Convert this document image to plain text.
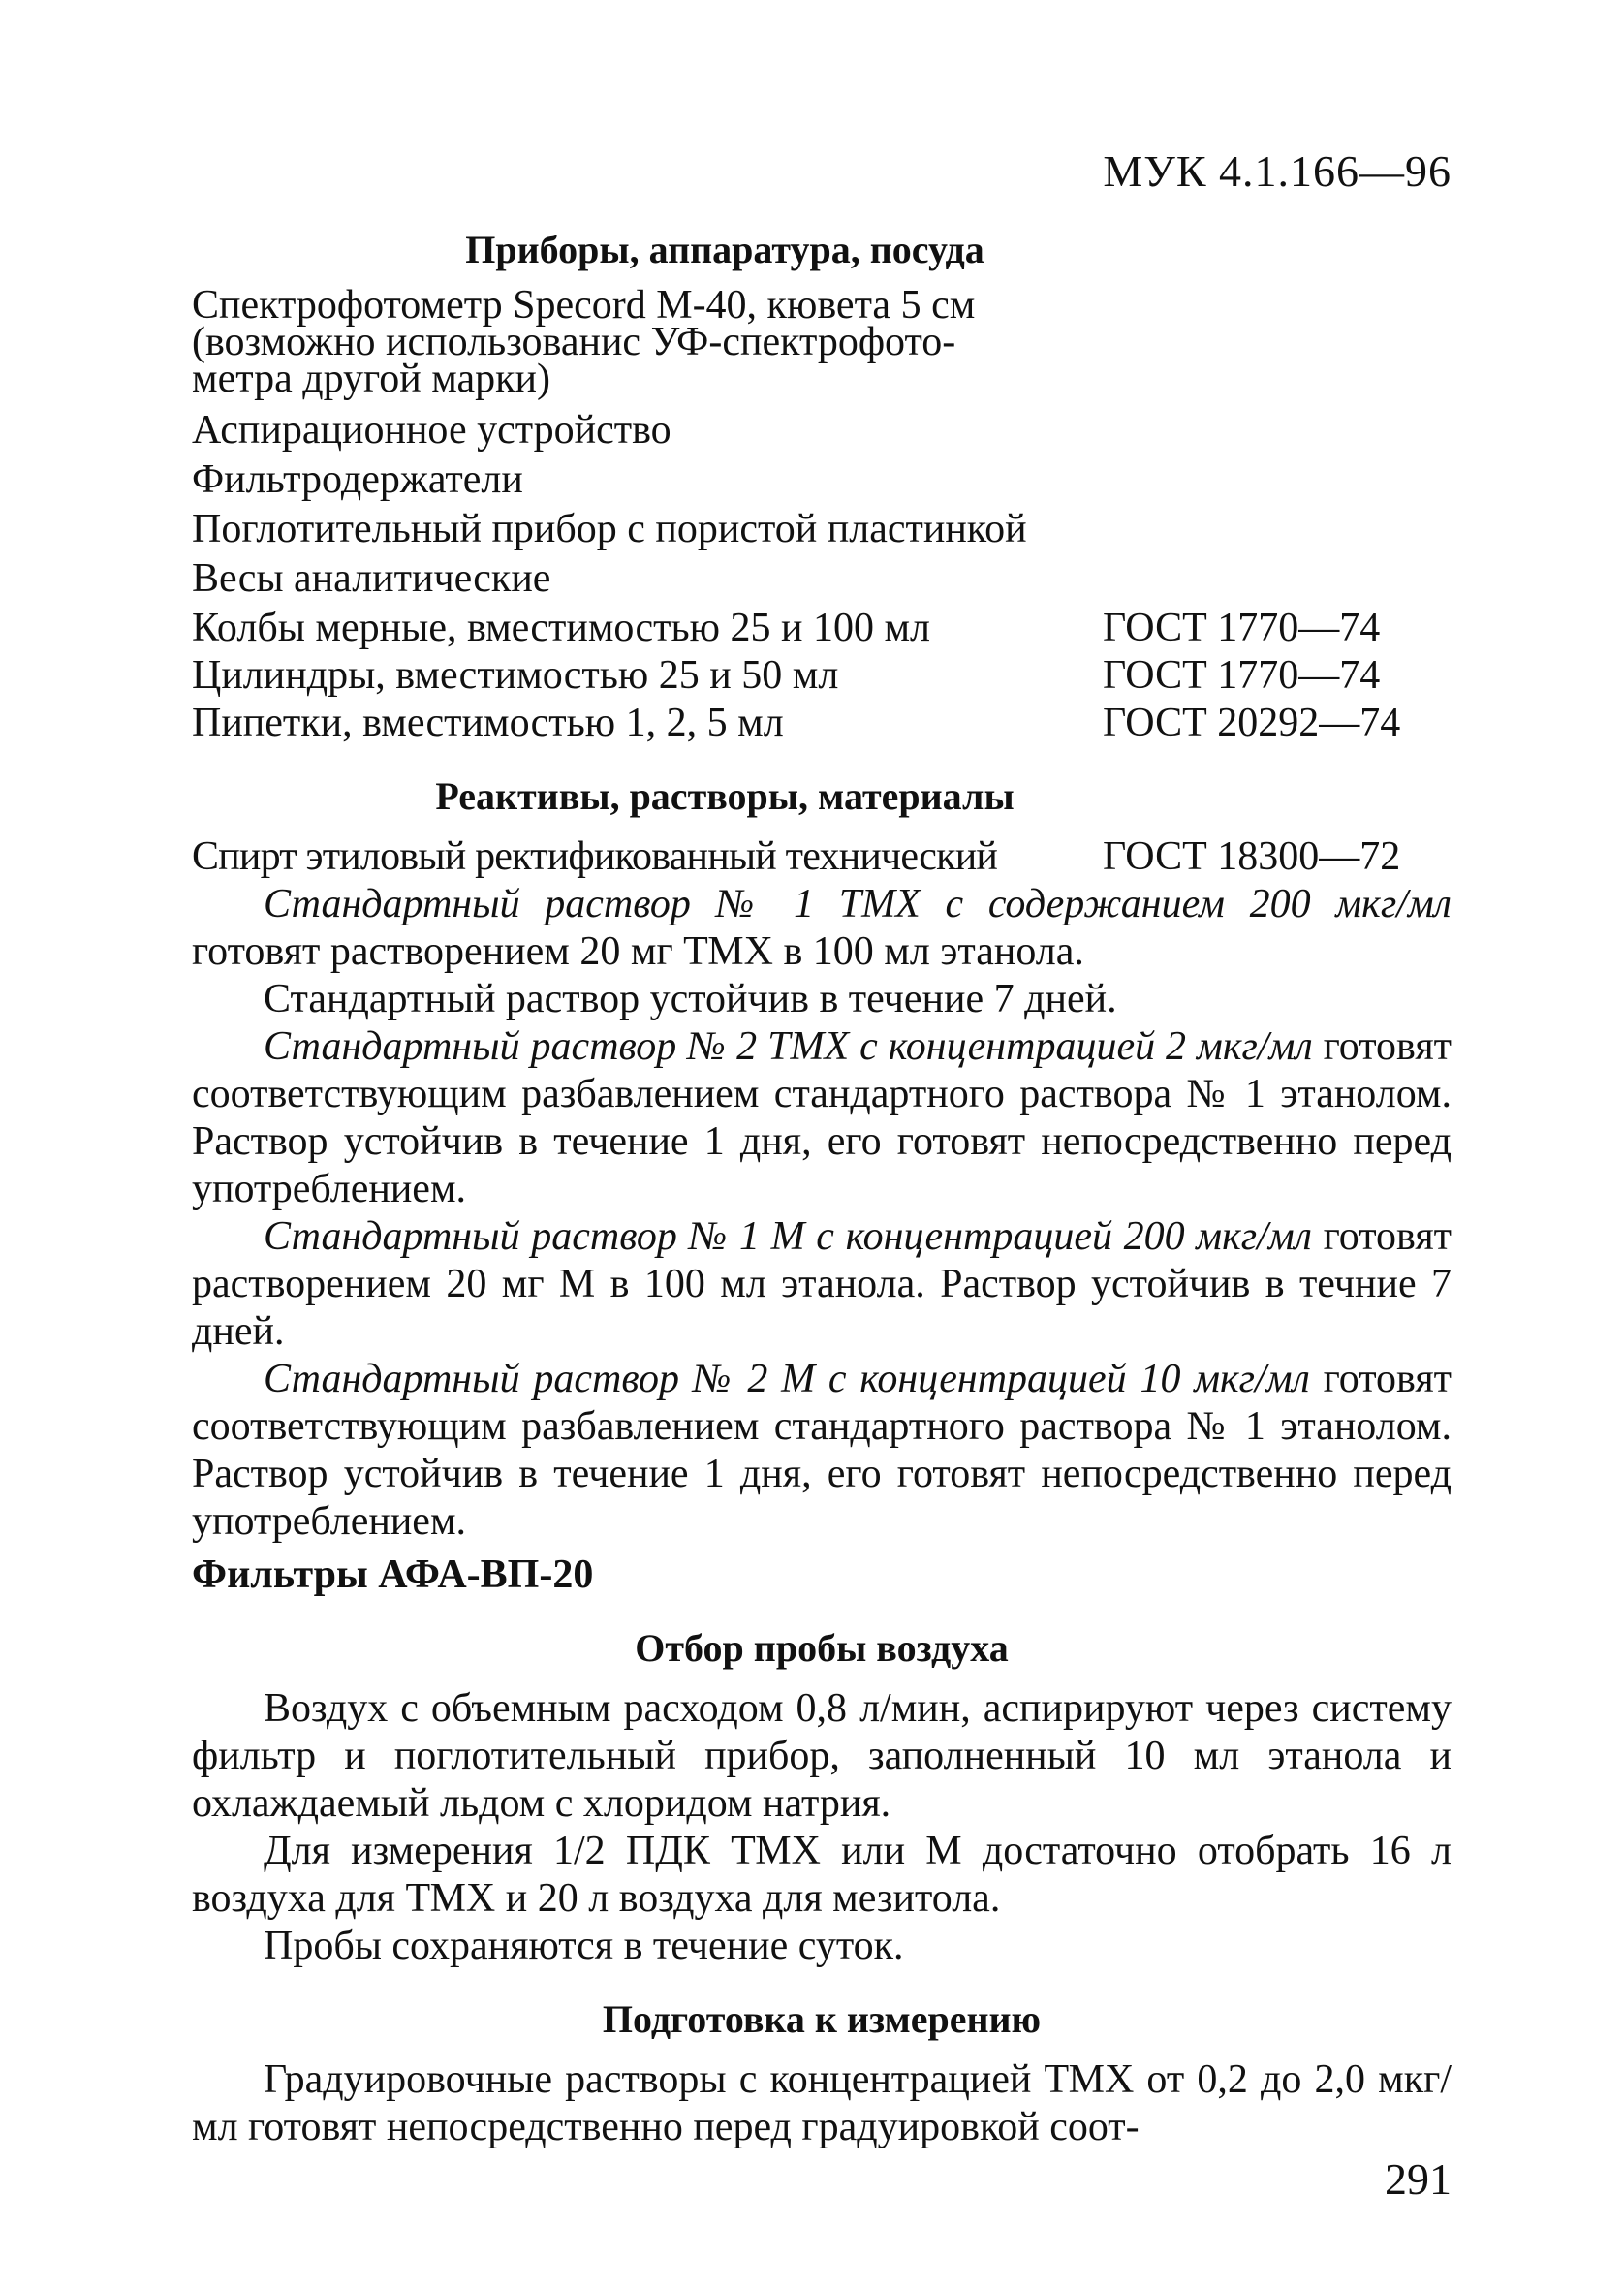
МУК 4.1.166—96
Приборы, аппаратура, посуда
Спектрофотометр Specord М-40, кювета 5 см
(возможно использованис УФ-спектрофото-
метра другой марки)
Аспирационное устройство
Фильтродержатели
Поглотительный прибор с пористой пластинкой
Весы аналитические
Колбы мерные, вместимостью 25 и 100 мл	ГОСТ 1770—74
Цилиндры, вместимостью 25 и 50 мл	ГОСТ 1770—74
Пипетки, вместимостью 1, 2, 5 мл	ГОСТ 20292—74
Реактивы, растворы, материалы
Спирт этиловый ректификованный технический	ГОСТ 18300—72

Стандартный раствор № 1 ТМХ с содержанием 200 мкг/мл готовят растворением 20 мг ТМХ в 100 мл этанола.

Стандартный раствор устойчив в течение 7 дней.

Стандартный раствор № 2 ТМХ с концентрацией 2 мкг/мл готовят соответствующим разбавлением стандартного раствора № 1 этанолом. Раствор устойчив в течение 1 дня, его готовят непосредственно перед употреблением.

Стандартный раствор № 1 М с концентрацией 200 мкг/мл готовят растворением 20 мг М в 100 мл этанола. Раствор устойчив в течние 7 дней.

Стандартный раствор № 2 М с концентрацией 10 мкг/мл готовят соответствующим разбавлением стандартного раствора № 1 этанолом. Раствор устойчив в течение 1 дня, его готовят непосредственно перед употреблением.

Фильтры АФА-ВП-20
Отбор пробы воздуха

Воздух с объемным расходом 0,8 л/мин, аспирируют через систему фильтр и поглотительный прибор, заполненный 10 мл этанола и охлаждаемый льдом с хлоридом натрия.

Для измерения 1/2 ПДК ТМХ или М достаточно отобрать 16 л воздуха для ТМХ и 20 л воздуха для мезитола.

Пробы сохраняются в течение суток.

Подготовка к измерению

Градуировочные растворы с концентрацией ТМХ от 0,2 до 2,0 мкг/мл готовят непосредственно перед градуировкой соот-

291
